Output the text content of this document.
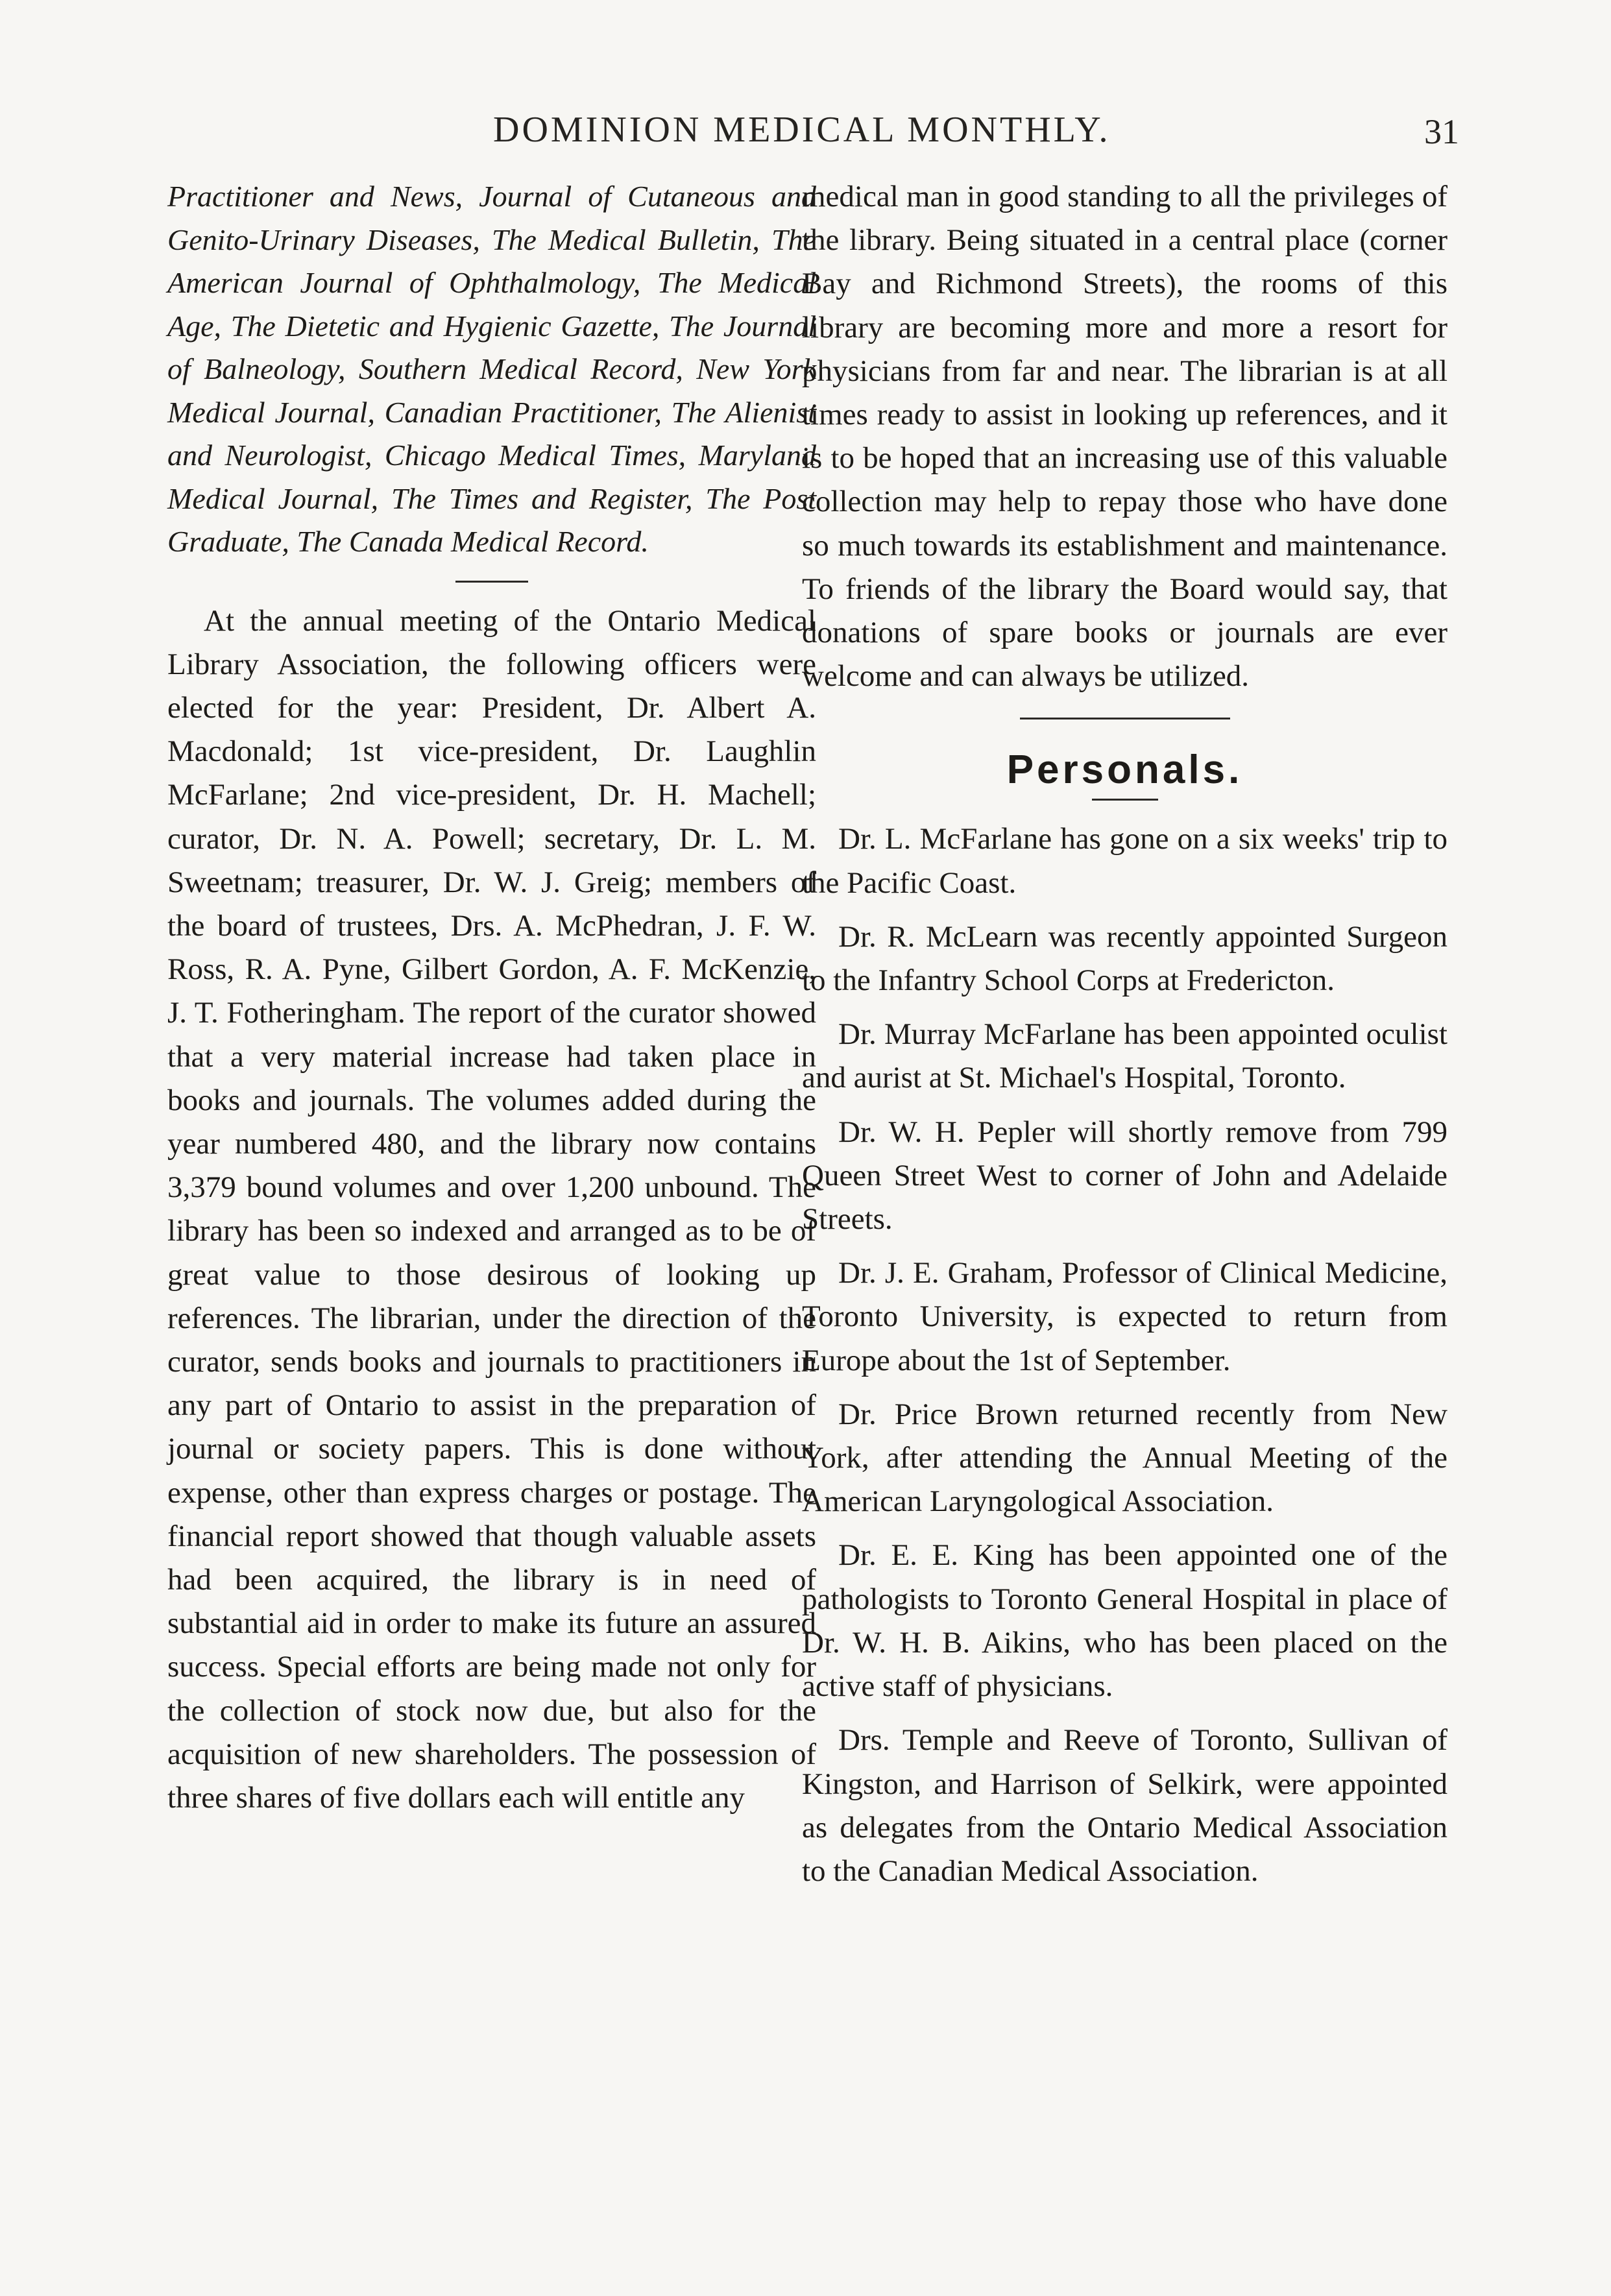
DOMINION MEDICAL MONTHLY.	31

Practitioner and News, Journal of Cutaneous and Genito-Urinary Diseases, The Medical Bulletin, The American Journal of Ophthalmology, The Medical Age, The Dietetic and Hygienic Gazette, The Journal of Balneology, Southern Medical Record, New York Medical Journal, Canadian Practitioner, The Alienist and Neurologist, Chicago Medical Times, Maryland Medical Journal, The Times and Register, The Post Graduate, The Canada Medical Record.

At the annual meeting of the Ontario Medical Library Association, the following officers were elected for the year: President, Dr. Albert A. Macdonald; 1st vice-president, Dr. Laughlin McFarlane; 2nd vice-president, Dr. H. Machell; curator, Dr. N. A. Powell; secretary, Dr. L. M. Sweetnam; treasurer, Dr. W. J. Greig; members of the board of trustees, Drs. A. McPhedran, J. F. W. Ross, R. A. Pyne, Gilbert Gordon, A. F. McKenzie, J. T. Fotheringham. The report of the curator showed that a very material increase had taken place in books and journals. The volumes added during the year numbered 480, and the library now contains 3,379 bound volumes and over 1,200 unbound. The library has been so indexed and arranged as to be of great value to those desirous of looking up references. The librarian, under the direction of the curator, sends books and journals to practitioners in any part of Ontario to assist in the preparation of journal or society papers. This is done without expense, other than express charges or postage. The financial report showed that though valuable assets had been acquired, the library is in need of substantial aid in order to make its future an assured success. Special efforts are being made not only for the collection of stock now due, but also for the acquisition of new shareholders. The possession of three shares of five dollars each will entitle any

medical man in good standing to all the privileges of the library. Being situated in a central place (corner Bay and Richmond Streets), the rooms of this library are becoming more and more a resort for physicians from far and near. The librarian is at all times ready to assist in looking up references, and it is to be hoped that an increasing use of this valuable collection may help to repay those who have done so much towards its establishment and maintenance. To friends of the library the Board would say, that donations of spare books or journals are ever welcome and can always be utilized.

Personals.

Dr. L. McFarlane has gone on a six weeks' trip to the Pacific Coast.

Dr. R. McLearn was recently appointed Surgeon to the Infantry School Corps at Fredericton.

Dr. Murray McFarlane has been appointed oculist and aurist at St. Michael's Hospital, Toronto.

Dr. W. H. Pepler will shortly remove from 799 Queen Street West to corner of John and Adelaide Streets.

Dr. J. E. Graham, Professor of Clinical Medicine, Toronto University, is expected to return from Europe about the 1st of September.

Dr. Price Brown returned recently from New York, after attending the Annual Meeting of the American Laryngological Association.

Dr. E. E. King has been appointed one of the pathologists to Toronto General Hospital in place of Dr. W. H. B. Aikins, who has been placed on the active staff of physicians.

Drs. Temple and Reeve of Toronto, Sullivan of Kingston, and Harrison of Selkirk, were appointed as delegates from the Ontario Medical Association to the Canadian Medical Association.
